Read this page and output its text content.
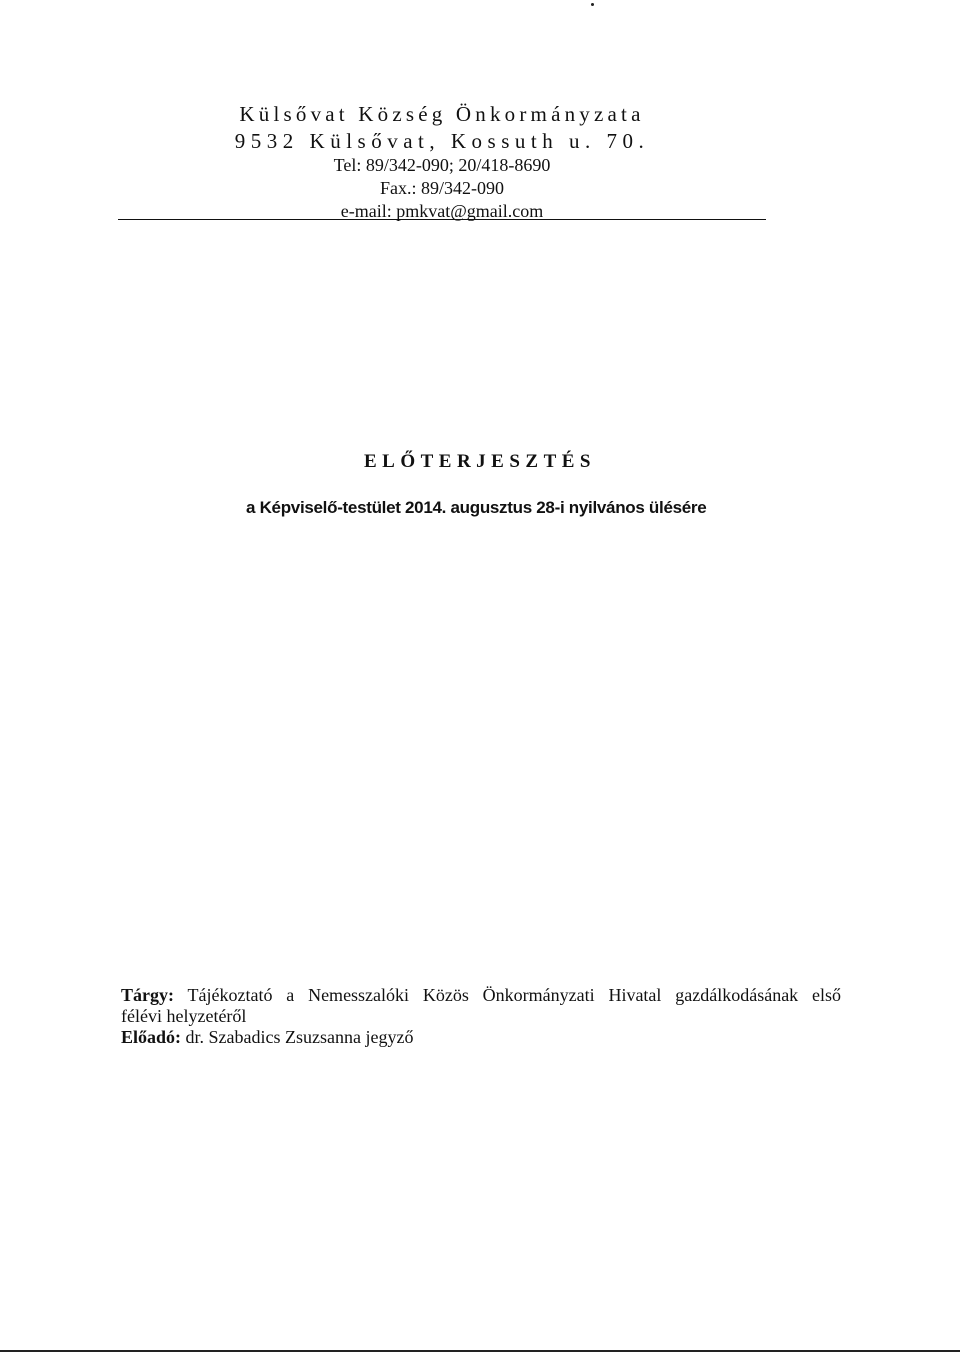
Külsővat Község Önkormányzata
9532 Külsővat, Kossuth u. 70.
Tel: 89/342-090; 20/418-8690
Fax.: 89/342-090
e-mail: pmkvat@gmail.com
ELŐTERJESZTÉS
a Képviselő-testület 2014. augusztus 28-i nyilvános ülésére
Tárgy: Tájékoztató a Nemesszalóki Közös Önkormányzati Hivatal gazdálkodásának első
félévi helyzetéről
Előadó: dr. Szabadics Zsuzsanna jegyző
